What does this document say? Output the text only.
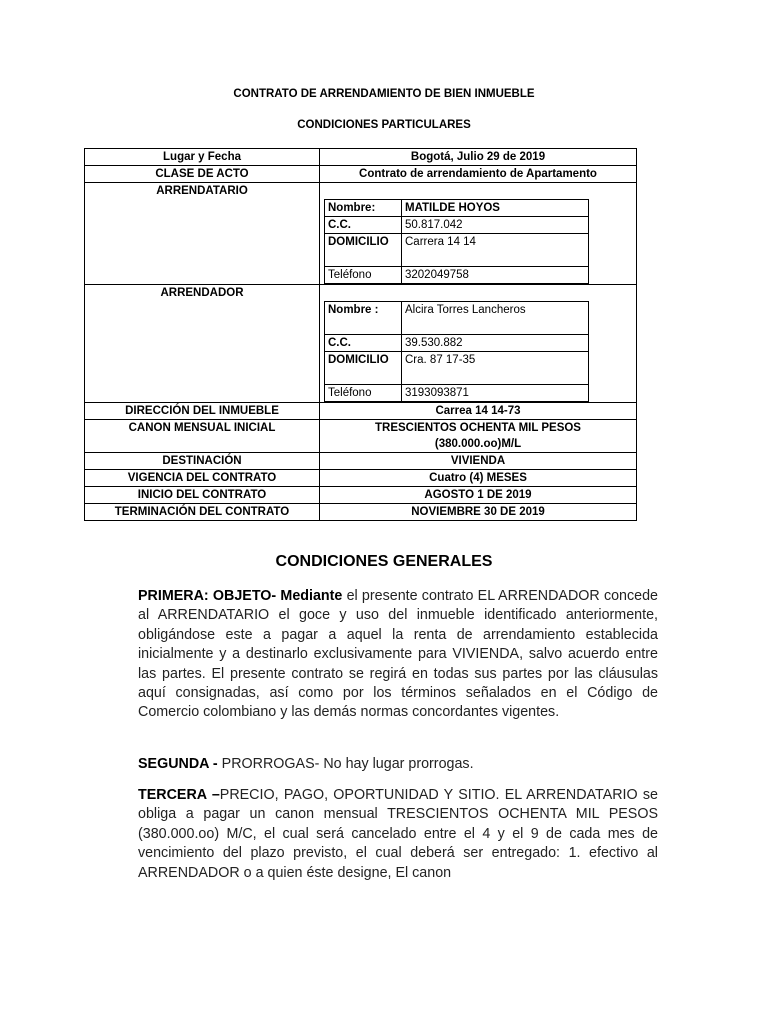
CONTRATO DE ARRENDAMIENTO DE BIEN INMUEBLE
CONDICIONES PARTICULARES
Lugar y Fecha	Bogotá, Julio 29 de 2019
CLASE DE ACTO	Contrato de arrendamiento de Apartamento
ARRENDATARIO	
Nombre:	MATILDE HOYOS
C.C.	50.817.042
DOMICILIO	Carrera 14 14
Teléfono	3202049758

ARRENDADOR	
Nombre :	Alcira Torres Lancheros
C.C.	39.530.882
DOMICILIO	Cra. 87 17-35
Teléfono	3193093871

DIRECCIÓN DEL INMUEBLE	Carrea 14 14-73
CANON MENSUAL INICIAL	TRESCIENTOS OCHENTA MIL PESOS
(380.000.oo)M/L

DESTINACIÓN	VIVIENDA
VIGENCIA DEL CONTRATO	Cuatro (4) MESES
INICIO DEL CONTRATO	AGOSTO 1 DE 2019
TERMINACIÓN DEL CONTRATO	NOVIEMBRE 30 DE 2019
CONDICIONES GENERALES
PRIMERA: OBJETO- Mediante el presente contrato EL ARRENDADOR concede al ARRENDATARIO el goce y uso del inmueble identificado anteriormente, obligándose este a pagar a aquel la renta de arrendamiento establecida inicialmente y a destinarlo exclusivamente para VIVIENDA, salvo acuerdo entre las partes. El presente contrato se regirá en todas sus partes por las cláusulas aquí consignadas, así como por los términos señalados en el Código de Comercio colombiano y las demás normas concordantes vigentes.
SEGUNDA - PRORROGAS- No hay lugar prorrogas.
TERCERA –PRECIO, PAGO, OPORTUNIDAD Y SITIO. EL ARRENDATARIO se obliga a pagar un canon mensual TRESCIENTOS OCHENTA MIL PESOS (380.000.oo) M/C, el cual será cancelado entre el 4 y el 9 de cada mes de vencimiento del plazo previsto, el cual deberá ser entregado: 1. efectivo al ARRENDADOR o a quien éste designe, El canon
